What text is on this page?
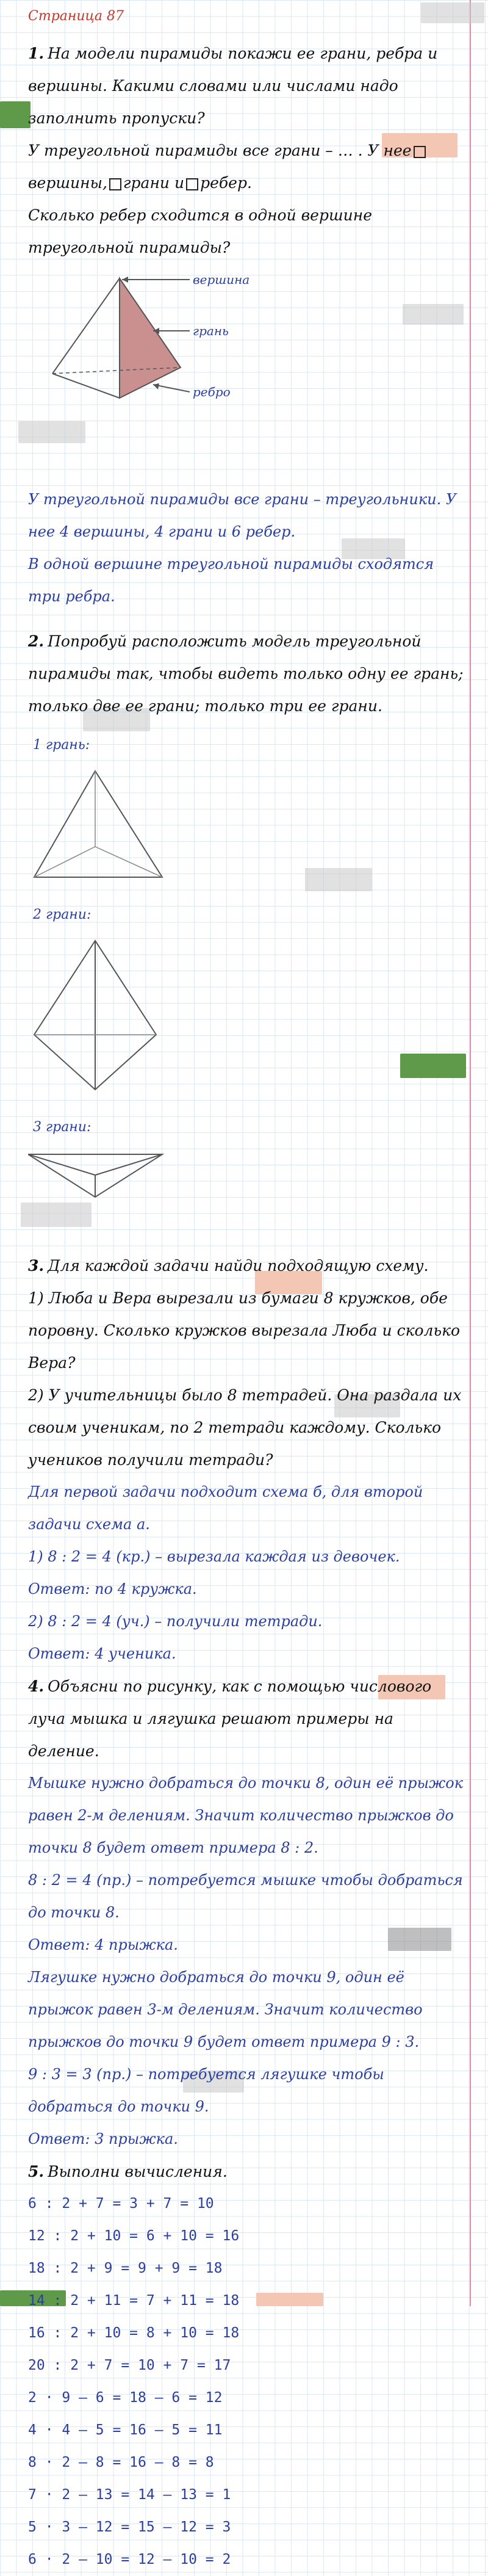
Страница 87

1. На модели пирамиды покажи ее грани, ребра и вершины. Какими словами или числами надо заполнить пропуски?

У треугольной пирамиды все грани – … . У неевершины, грани и ребер.

Сколько ребер сходится в одной вершине треугольной пирамиды?

вершина
грань
ребро

У треугольной пирамиды все грани – треугольники. У нее 4 вершины, 4 грани и 6 ребер.

В одной вершине треугольной пирамиды сходятся три ребра.

2. Попробуй расположить модель треугольной пирамиды так, чтобы видеть только одну ее грань; только две ее грани; только три ее грани.

1 грань:
2 грани:
3 грани:

3. Для каждой задачи найди подходящую схему.

1) Люба и Вера вырезали из бумаги 8 кружков, обе поровну. Сколько кружков вырезала Люба и сколько Вера?

2) У учительницы было 8 тетрадей. Она раздала их своим ученикам, по 2 тетради каждому. Сколько учеников получили тетради?

Для первой задачи подходит схема б, для второй задачи схема а.

1) 8 : 2 = 4 (кр.) – вырезала каждая из девочек.

Ответ: по 4 кружка.

2) 8 : 2 = 4 (уч.) – получили тетради.

Ответ: 4 ученика.

4. Объясни по рисунку, как с помощью числового луча мышка и лягушка решают примеры на деление.

Мышке нужно добраться до точки 8, один её прыжок равен 2-м делениям. Значит количество прыжков до точки 8 будет ответ примера 8 : 2.

8 : 2 = 4 (пр.) – потребуется мышке чтобы добраться до точки 8.

Ответ: 4 прыжка.

Лягушке нужно добраться до точки 9, один её прыжок равен 3-м делениям. Значит количество прыжков до точки 9 будет ответ примера 9 : 3.

9 : 3 = 3 (пр.) – потребуется лягушке чтобы добраться до точки 9.

Ответ: 3 прыжка.

5. Выполни вычисления.

6 : 2 + 7 = 3 + 7 = 10

12 : 2 + 10 = 6 + 10 = 16

18 : 2 + 9 = 9 + 9 = 18

14 : 2 + 11 = 7 + 11 = 18

16 : 2 + 10 = 8 + 10 = 18

20 : 2 + 7 = 10 + 7 = 17

2 · 9 – 6 = 18 – 6 = 12

4 · 4 – 5 = 16 – 5 = 11

8 · 2 – 8 = 16 – 8 = 8

7 · 2 – 13 = 14 – 13 = 1

5 · 3 – 12 = 15 – 12 = 3

6 · 2 – 10 = 12 – 10 = 2
